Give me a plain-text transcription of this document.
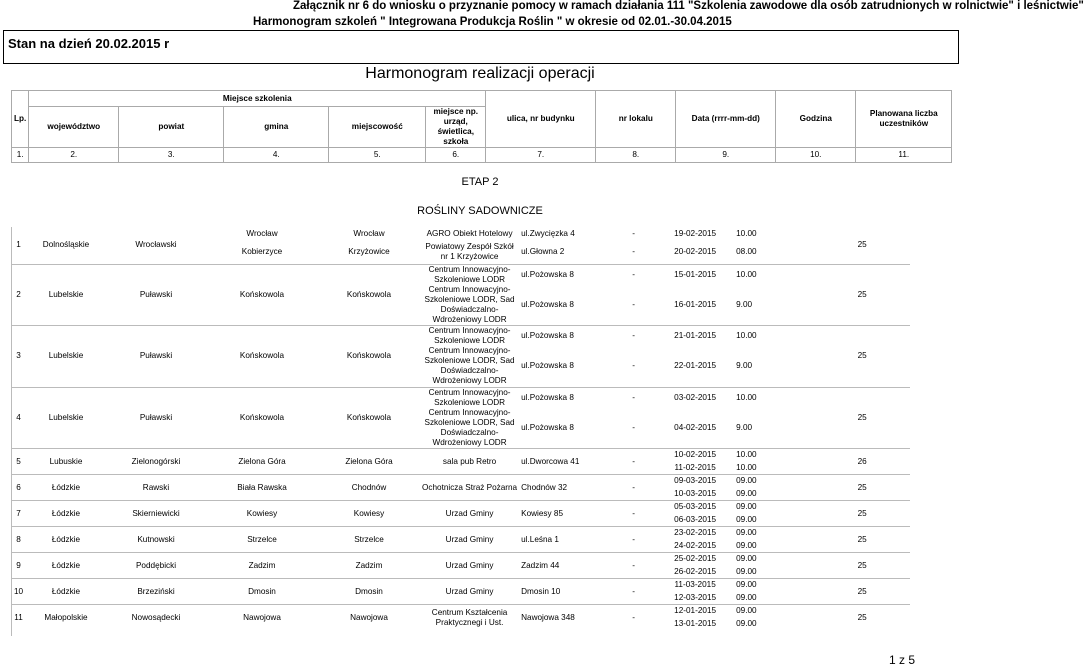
Załącznik nr 6 do wniosku o przyznanie pomocy w ramach działania 111 "Szkolenia zawodowe dla osób zatrudnionych w rolnictwie" i leśnictwie"
Harmonogram szkoleń " Integrowana Produkcja Roślin " w okresie od 02.01.-30.04.2015
Stan na dzień 20.02.2015 r
Harmonogram realizacji operacji
Lp.	Miejsce szkolenia					ulica, nr budynku	nr lokalu	Data (rrrr-mm-dd)	Godzina	Planowana liczba uczestników
	województwo	powiat	gmina	miejscowość	miejsce np. urząd, świetlica, szkoła					
1.	2.	3.	4.	5.	6.	7.	8.	9.	10.	11.
ETAP 2
ROŚLINY SADOWNICZE
1	Dolnośląskie	Wrocławski	Wrocław	Wrocław	AGRO Obiekt Hotelowy	ul.Zwycięzka 4	-	19-02-2015	10.00	25
			Kobierzyce	Krzyżowice	Powiatowy Zespół Szkół nr 1 Krzyżowice	ul.Głowna 2	-	20-02-2015	08.00	
2	Lubelskie	Puławski	Końskowola	Końskowola	Centrum Innowacyjno-Szkoleniowe LODR	ul.Pożowska 8	-	15-01-2015	10.00	25
					Centrum Innowacyjno-Szkoleniowe LODR, Sad Doświadczalno-Wdrożeniowy LODR	ul.Pożowska 8	-	16-01-2015	9.00	
3	Lubelskie	Puławski	Końskowola	Końskowola	Centrum Innowacyjno-Szkoleniowe LODR	ul.Pożowska 8	-	21-01-2015	10.00	25
					Centrum Innowacyjno-Szkoleniowe LODR, Sad Doświadczalno-Wdrożeniowy LODR	ul.Pożowska 8	-	22-01-2015	9.00	
4	Lubelskie	Puławski	Końskowola	Końskowola	Centrum Innowacyjno-Szkoleniowe LODR	ul.Pożowska 8	-	03-02-2015	10.00	25
					Centrum Innowacyjno-Szkoleniowe LODR, Sad Doświadczalno-Wdrożeniowy LODR	ul.Pożowska 8	-	04-02-2015	9.00	
5	Lubuskie	Zielonogórski	Zielona Góra	Zielona Góra	sala pub Retro	ul.Dworcowa 41	-	10-02-2015	10.00	26
								11-02-2015	10.00	
6	Łódzkie	Rawski	Biała Rawska	Chodnów	Ochotnicza Straż Pożarna	Chodnów 32	-	09-03-2015	09.00	25
								10-03-2015	09.00	
7	Łódzkie	Skierniewicki	Kowiesy	Kowiesy	Urzad Gminy	Kowiesy 85	-	05-03-2015	09.00	25
								06-03-2015	09.00	
8	Łódzkie	Kutnowski	Strzelce	Strzelce	Urzad Gminy	ul.Leśna 1	-	23-02-2015	09.00	25
								24-02-2015	09.00	
9	Łódzkie	Poddębicki	Zadzim	Zadzim	Urzad Gminy	Zadzim 44	-	25-02-2015	09.00	25
								26-02-2015	09.00	
10	Łódzkie	Brzeziński	Dmosin	Dmosin	Urzad Gminy	Dmosin 10	-	11-03-2015	09.00	25
								12-03-2015	09.00	
11	Małopolskie	Nowosądecki	Nawojowa	Nawojowa	Centrum Kształcenia Praktycznegi i Ust.	Nawojowa 348	-	12-01-2015	09.00	25
								13-01-2015	09.00	
1 z 5
